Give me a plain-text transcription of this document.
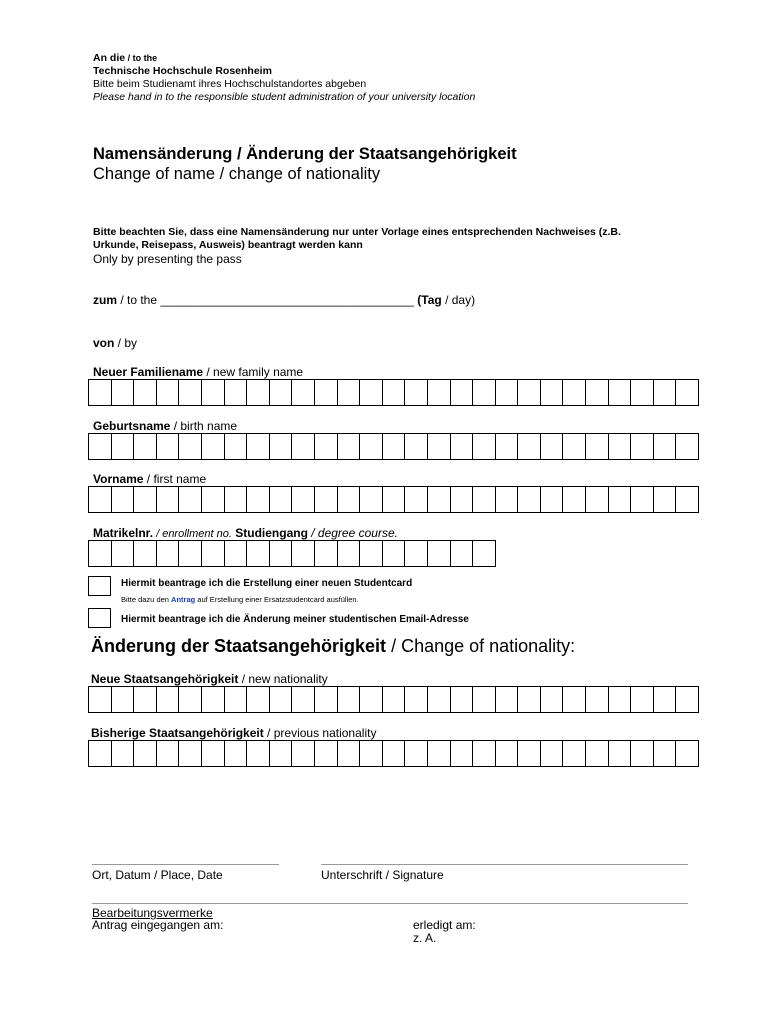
An die / to the
Technische Hochschule Rosenheim
Bitte beim Studienamt ihres Hochschulstandortes abgeben
Please hand in to the responsible student administration of your university location
Namensänderung / Änderung der Staatsangehörigkeit
Change of name / change of nationality
Bitte beachten Sie, dass eine Namensänderung nur unter Vorlage eines entsprechenden Nachweises (z.B.
Urkunde, Reisepass, Ausweis) beantragt werden kann
Only by presenting the pass
zum / to the ______________________________________ (Tag / day)
von / by
Neuer Familiename / new family name
Geburtsname / birth name
Vorname / first name
Matrikelnr. / enrollment no. Studiengang / degree course.
Hiermit beantrage ich die Erstellung einer neuen Studentcard
Bitte dazu den Antrag auf Erstellung einer Ersatzstudentcard ausfüllen.
Hiermit beantrage ich die Änderung meiner studentischen Email-Adresse
Änderung der Staatsangehörigkeit / Change of nationality:
Neue Staatsangehörigkeit / new nationality
Bisherige Staatsangehörigkeit / previous nationality
Ort, Datum / Place, Date	Unterschrift / Signature
Bearbeitungsvermerke
Antrag eingegangen am:	erledigt am:
z. A.
